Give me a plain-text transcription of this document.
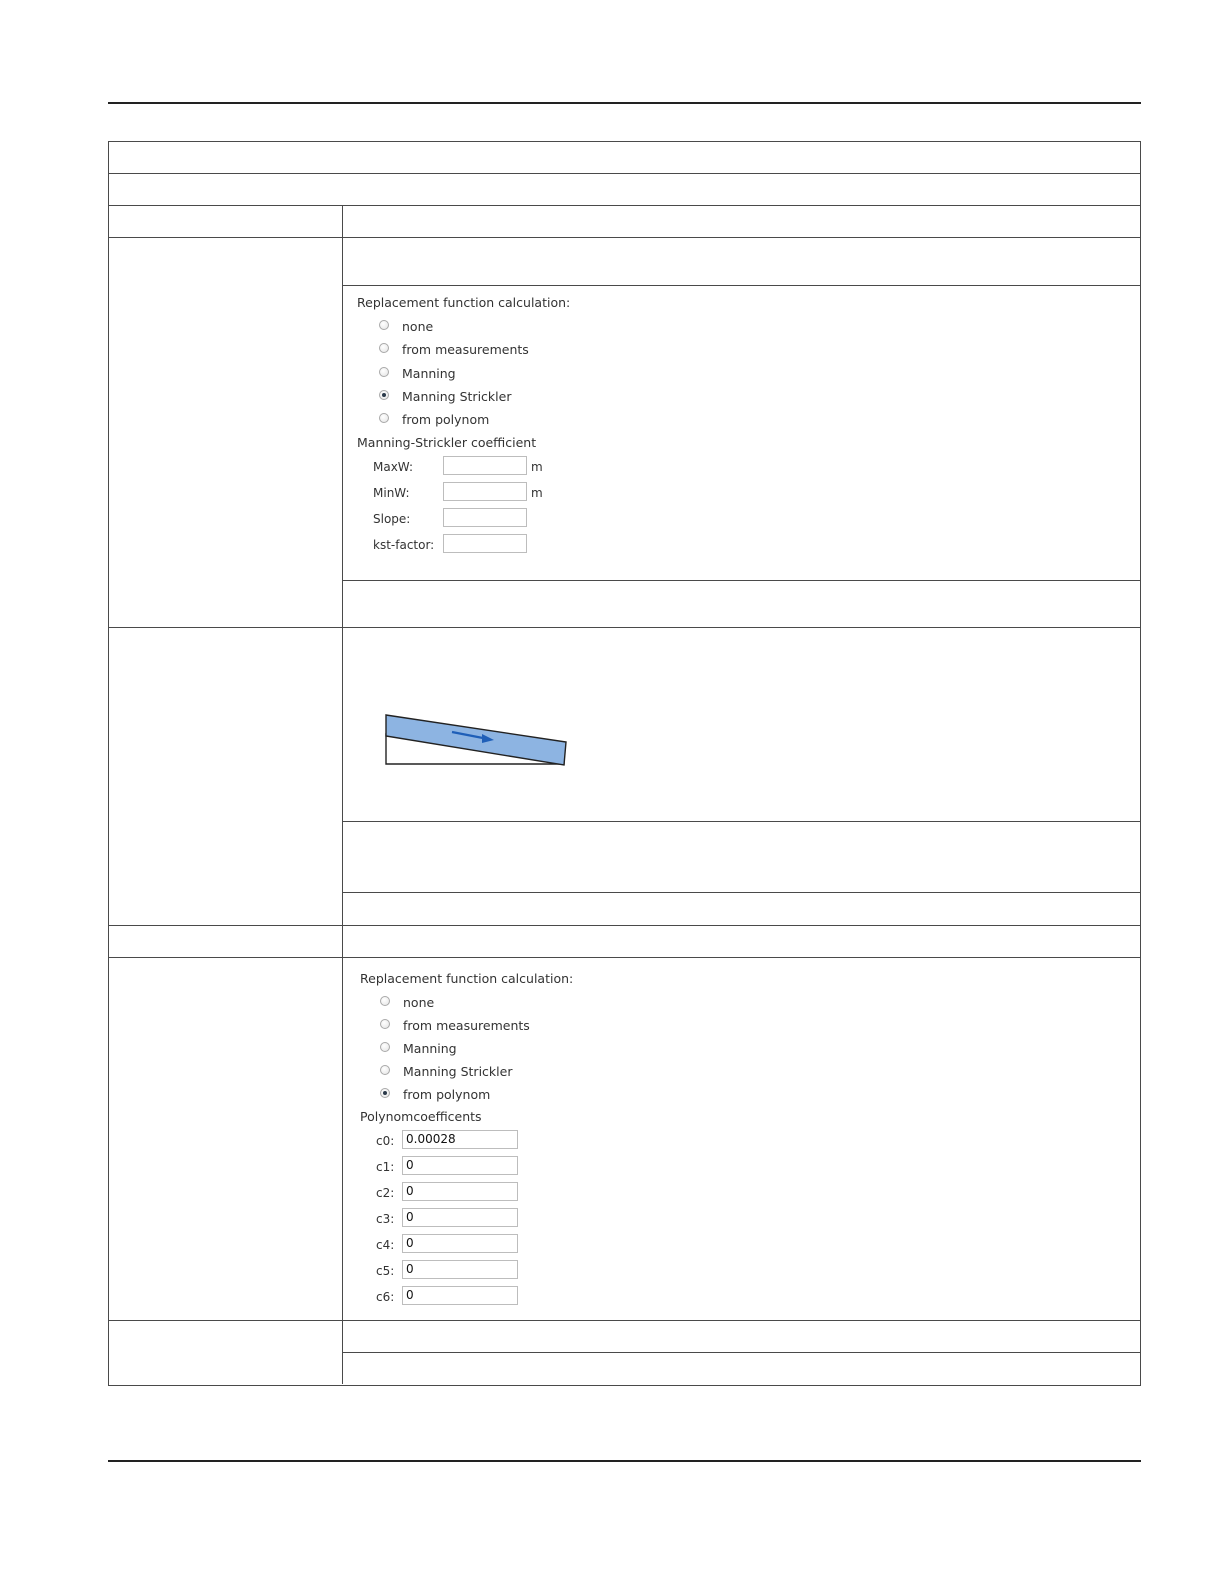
Replacement function calculation:
none
from measurements
Manning
Manning Strickler
from polynom
Manning-Strickler coefficient
MaxW:	m
MinW:	m
Slope:
kst-factor:
Replacement function calculation:
none
from measurements
Manning
Manning Strickler
from polynom
Polynomcoefficents
c0: 0.00028
c1: 0
c2: 0
c3: 0
c4: 0
c5: 0
c6: 0
